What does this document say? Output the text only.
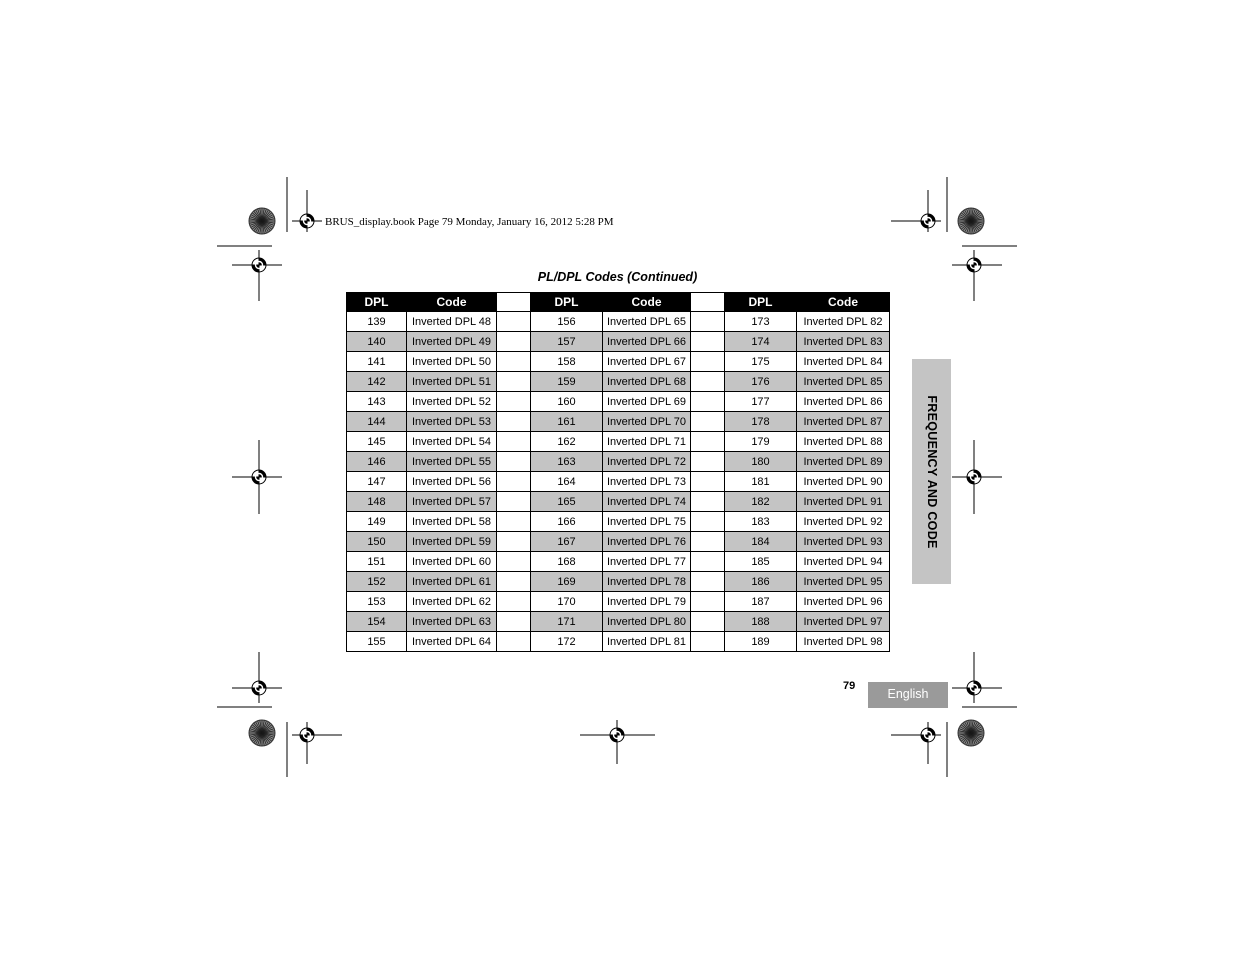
BRUS_display.book Page 79 Monday, January 16, 2012 5:28 PM
PL/DPL Codes (Continued)
DPL	Code		DPL	Code		DPL	Code
139	Inverted DPL 48		156	Inverted DPL 65		173	Inverted DPL 82
140	Inverted DPL 49		157	Inverted DPL 66		174	Inverted DPL 83
141	Inverted DPL 50		158	Inverted DPL 67		175	Inverted DPL 84
142	Inverted DPL 51		159	Inverted DPL 68		176	Inverted DPL 85
143	Inverted DPL 52		160	Inverted DPL 69		177	Inverted DPL 86
144	Inverted DPL 53		161	Inverted DPL 70		178	Inverted DPL 87
145	Inverted DPL 54		162	Inverted DPL 71		179	Inverted DPL 88
146	Inverted DPL 55		163	Inverted DPL 72		180	Inverted DPL 89
147	Inverted DPL 56		164	Inverted DPL 73		181	Inverted DPL 90
148	Inverted DPL 57		165	Inverted DPL 74		182	Inverted DPL 91
149	Inverted DPL 58		166	Inverted DPL 75		183	Inverted DPL 92
150	Inverted DPL 59		167	Inverted DPL 76		184	Inverted DPL 93
151	Inverted DPL 60		168	Inverted DPL 77		185	Inverted DPL 94
152	Inverted DPL 61		169	Inverted DPL 78		186	Inverted DPL 95
153	Inverted DPL 62		170	Inverted DPL 79		187	Inverted DPL 96
154	Inverted DPL 63		171	Inverted DPL 80		188	Inverted DPL 97
155	Inverted DPL 64		172	Inverted DPL 81		189	Inverted DPL 98
FREQUENCY AND CODE
79
English
